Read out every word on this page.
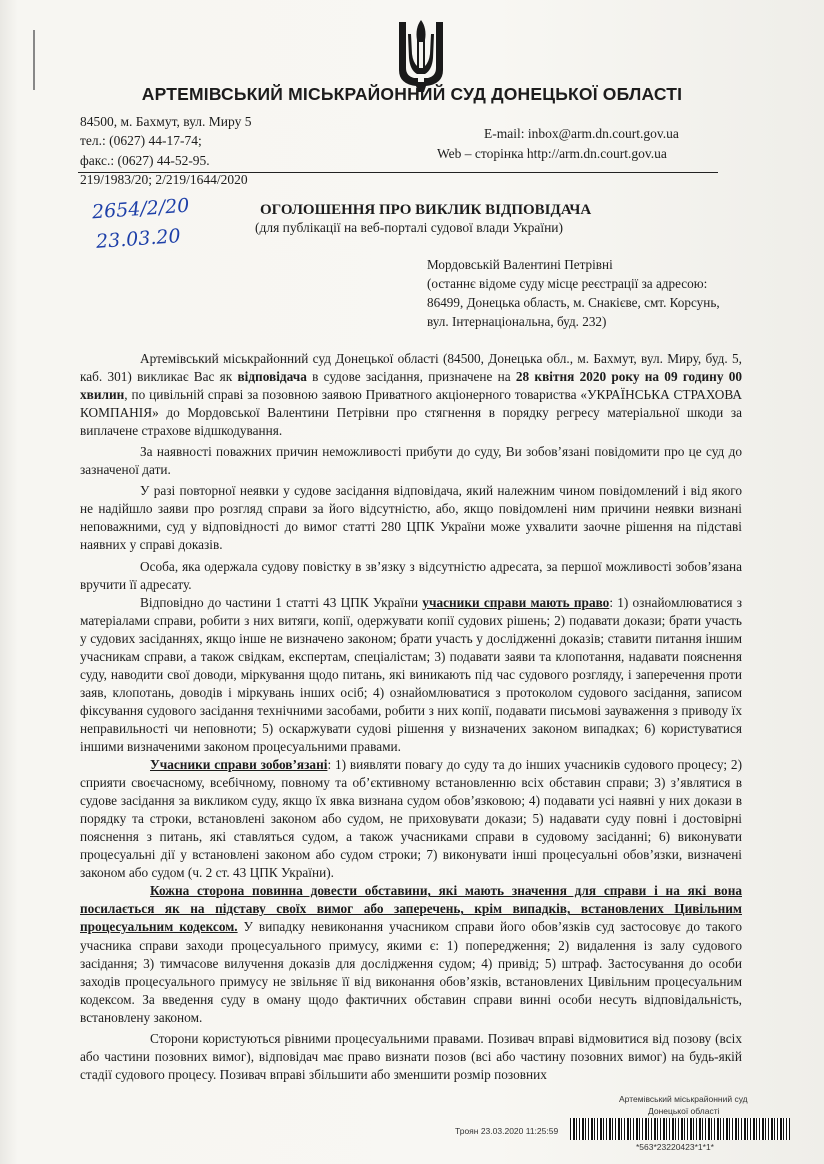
АРТЕМІВСЬКИЙ МІСЬКРАЙОННИЙ СУД ДОНЕЦЬКОЇ ОБЛАСТІ
84500, м. Бахмут, вул. Миру 5
тел.: (0627) 44-17-74;
факс.: (0627) 44-52-95.
E-mail: inbox@arm.dn.court.gov.ua
Web – сторінка http://arm.dn.court.gov.ua
219/1983/20; 2/219/1644/2020
2654/2/20
23.03.20
ОГОЛОШЕННЯ ПРО ВИКЛИК ВІДПОВІДАЧА
(для публікації на веб-порталі судової влади України)
Мордовській Валентині Петрівні
(останнє відоме суду місце реєстрації за адресою:
86499, Донецька область, м. Снакієве, смт. Корсунь,
вул. Інтернаціональна, буд. 232)

Артемівський міськрайонний суд Донецької області (84500, Донецька обл., м. Бахмут, вул. Миру, буд. 5, каб. 301) викликає Вас як відповідача в судове засідання, призначене на 28 квітня 2020 року на 09 годину 00 хвилин, по цивільній справі за позовною заявою Приватного акціонерного товариства «УКРАЇНСЬКА СТРАХОВА КОМПАНІЯ» до Мордовської Валентини Петрівни про стягнення в порядку регресу матеріальної шкоди за виплачене страхове відшкодування.

За наявності поважних причин неможливості прибути до суду, Ви зобов’язані повідомити про це суд до зазначеної дати.

У разі повторної неявки у судове засідання відповідача, який належним чином повідомлений і від якого не надійшло заяви про розгляд справи за його відсутністю, або, якщо повідомлені ним причини неявки визнані неповажними, суд у відповідності до вимог статті 280 ЦПК України може ухвалити заочне рішення на підставі наявних у справі доказів.

Особа, яка одержала судову повістку в зв’язку з відсутністю адресата, за першої можливості зобов’язана вручити її адресату.

Відповідно до частини 1 статті 43 ЦПК України учасники справи мають право: 1) ознайомлюватися з матеріалами справи, робити з них витяги, копії, одержувати копії судових рішень; 2) подавати докази; брати участь у судових засіданнях, якщо інше не визначено законом; брати участь у дослідженні доказів; ставити питання іншим учасникам справи, а також свідкам, експертам, спеціалістам; 3) подавати заяви та клопотання, надавати пояснення суду, наводити свої доводи, міркування щодо питань, які виникають під час судового розгляду, і заперечення проти заяв, клопотань, доводів і міркувань інших осіб; 4) ознайомлюватися з протоколом судового засідання, записом фіксування судового засідання технічними засобами, робити з них копії, подавати письмові зауваження з приводу їх неправильності чи неповноти; 5) оскаржувати судові рішення у визначених законом випадках; 6) користуватися іншими визначеними законом процесуальними правами.

Учасники справи зобов’язані: 1) виявляти повагу до суду та до інших учасників судового процесу; 2) сприяти своєчасному, всебічному, повному та об’єктивному встановленню всіх обставин справи; 3) з’являтися в судове засідання за викликом суду, якщо їх явка визнана судом обов’язковою; 4) подавати усі наявні у них докази в порядку та строки, встановлені законом або судом, не приховувати докази; 5) надавати суду повні і достовірні пояснення з питань, які ставляться судом, а також учасниками справи в судовому засіданні; 6) виконувати процесуальні дії у встановлені законом або судом строки; 7) виконувати інші процесуальні обов’язки, визначені законом або судом (ч. 2 ст. 43 ЦПК України).

Кожна сторона повинна довести обставини, які мають значення для справи і на які вона посилається як на підставу своїх вимог або заперечень, крім випадків, встановлених Цивільним процесуальним кодексом. У випадку невиконання учасником справи його обов’язків суд застосовує до такого учасника справи заходи процесуального примусу, якими є: 1) попередження; 2) видалення із залу судового засідання; 3) тимчасове вилучення доказів для дослідження судом; 4) привід; 5) штраф. Застосування до особи заходів процесуального примусу не звільняє її від виконання обов’язків, встановлених Цивільним процесуальним кодексом. За введення суду в оману щодо фактичних обставин справи винні особи несуть відповідальність, встановлену законом.

Сторони користуються рівними процесуальними правами. Позивач вправі відмовитися від позову (всіх або частини позовних вимог), відповідач має право визнати позов (всі або частину позовних вимог) на будь-якій стадії судового процесу. Позивач вправі збільшити або зменшити розмір позовних

Артемівський міськрайонний суд
Донецької області
Троян 23.03.2020 11:25:59
*563*23220423*1*1*
